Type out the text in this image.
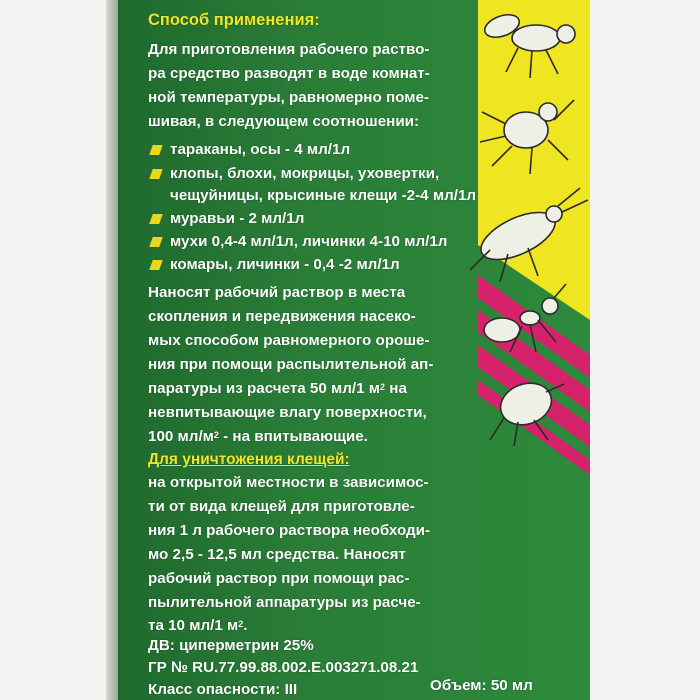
Способ применения:
Для приготовления рабочего раство-
ра средство разводят в воде комнат-
ной температуры, равномерно поме-
шивая, в следующем соотношении:
тараканы, осы - 4 мл/1л
клопы, блохи, мокрицы, уховертки,
чещуйницы, крысиные клещи -2-4 мл/1л
муравьи - 2 мл/1л
мухи 0,4-4 мл/1л, личинки 4-10 мл/1л
комары, личинки - 0,4 -2 мл/1л
Наносят рабочий раствор в места
скопления и передвижения насеко-
мых способом равномерного ороше-
ния при помощи распылительной ап-
паратуры из расчета 50 мл/1 $м^2$ на
невпитывающие влагу поверхности,
100 $мл/м^2$ - на впитывающие.
Для уничтожения клещей:
на открытой местности в зависимос-
ти от вида клещей для приготовле-
ния 1 л рабочего раствора необходи-
мо 2,5 - 12,5 мл средства. Наносят
рабочий раствор при помощи рас-
пылительной аппаратуры из расче-
та 10 мл/1 $м^2$.
ДВ: циперметрин 25%
ГР № RU.77.99.88.002.Е.003271.08.21
Класс опасности: III	Объем: 50 мл
